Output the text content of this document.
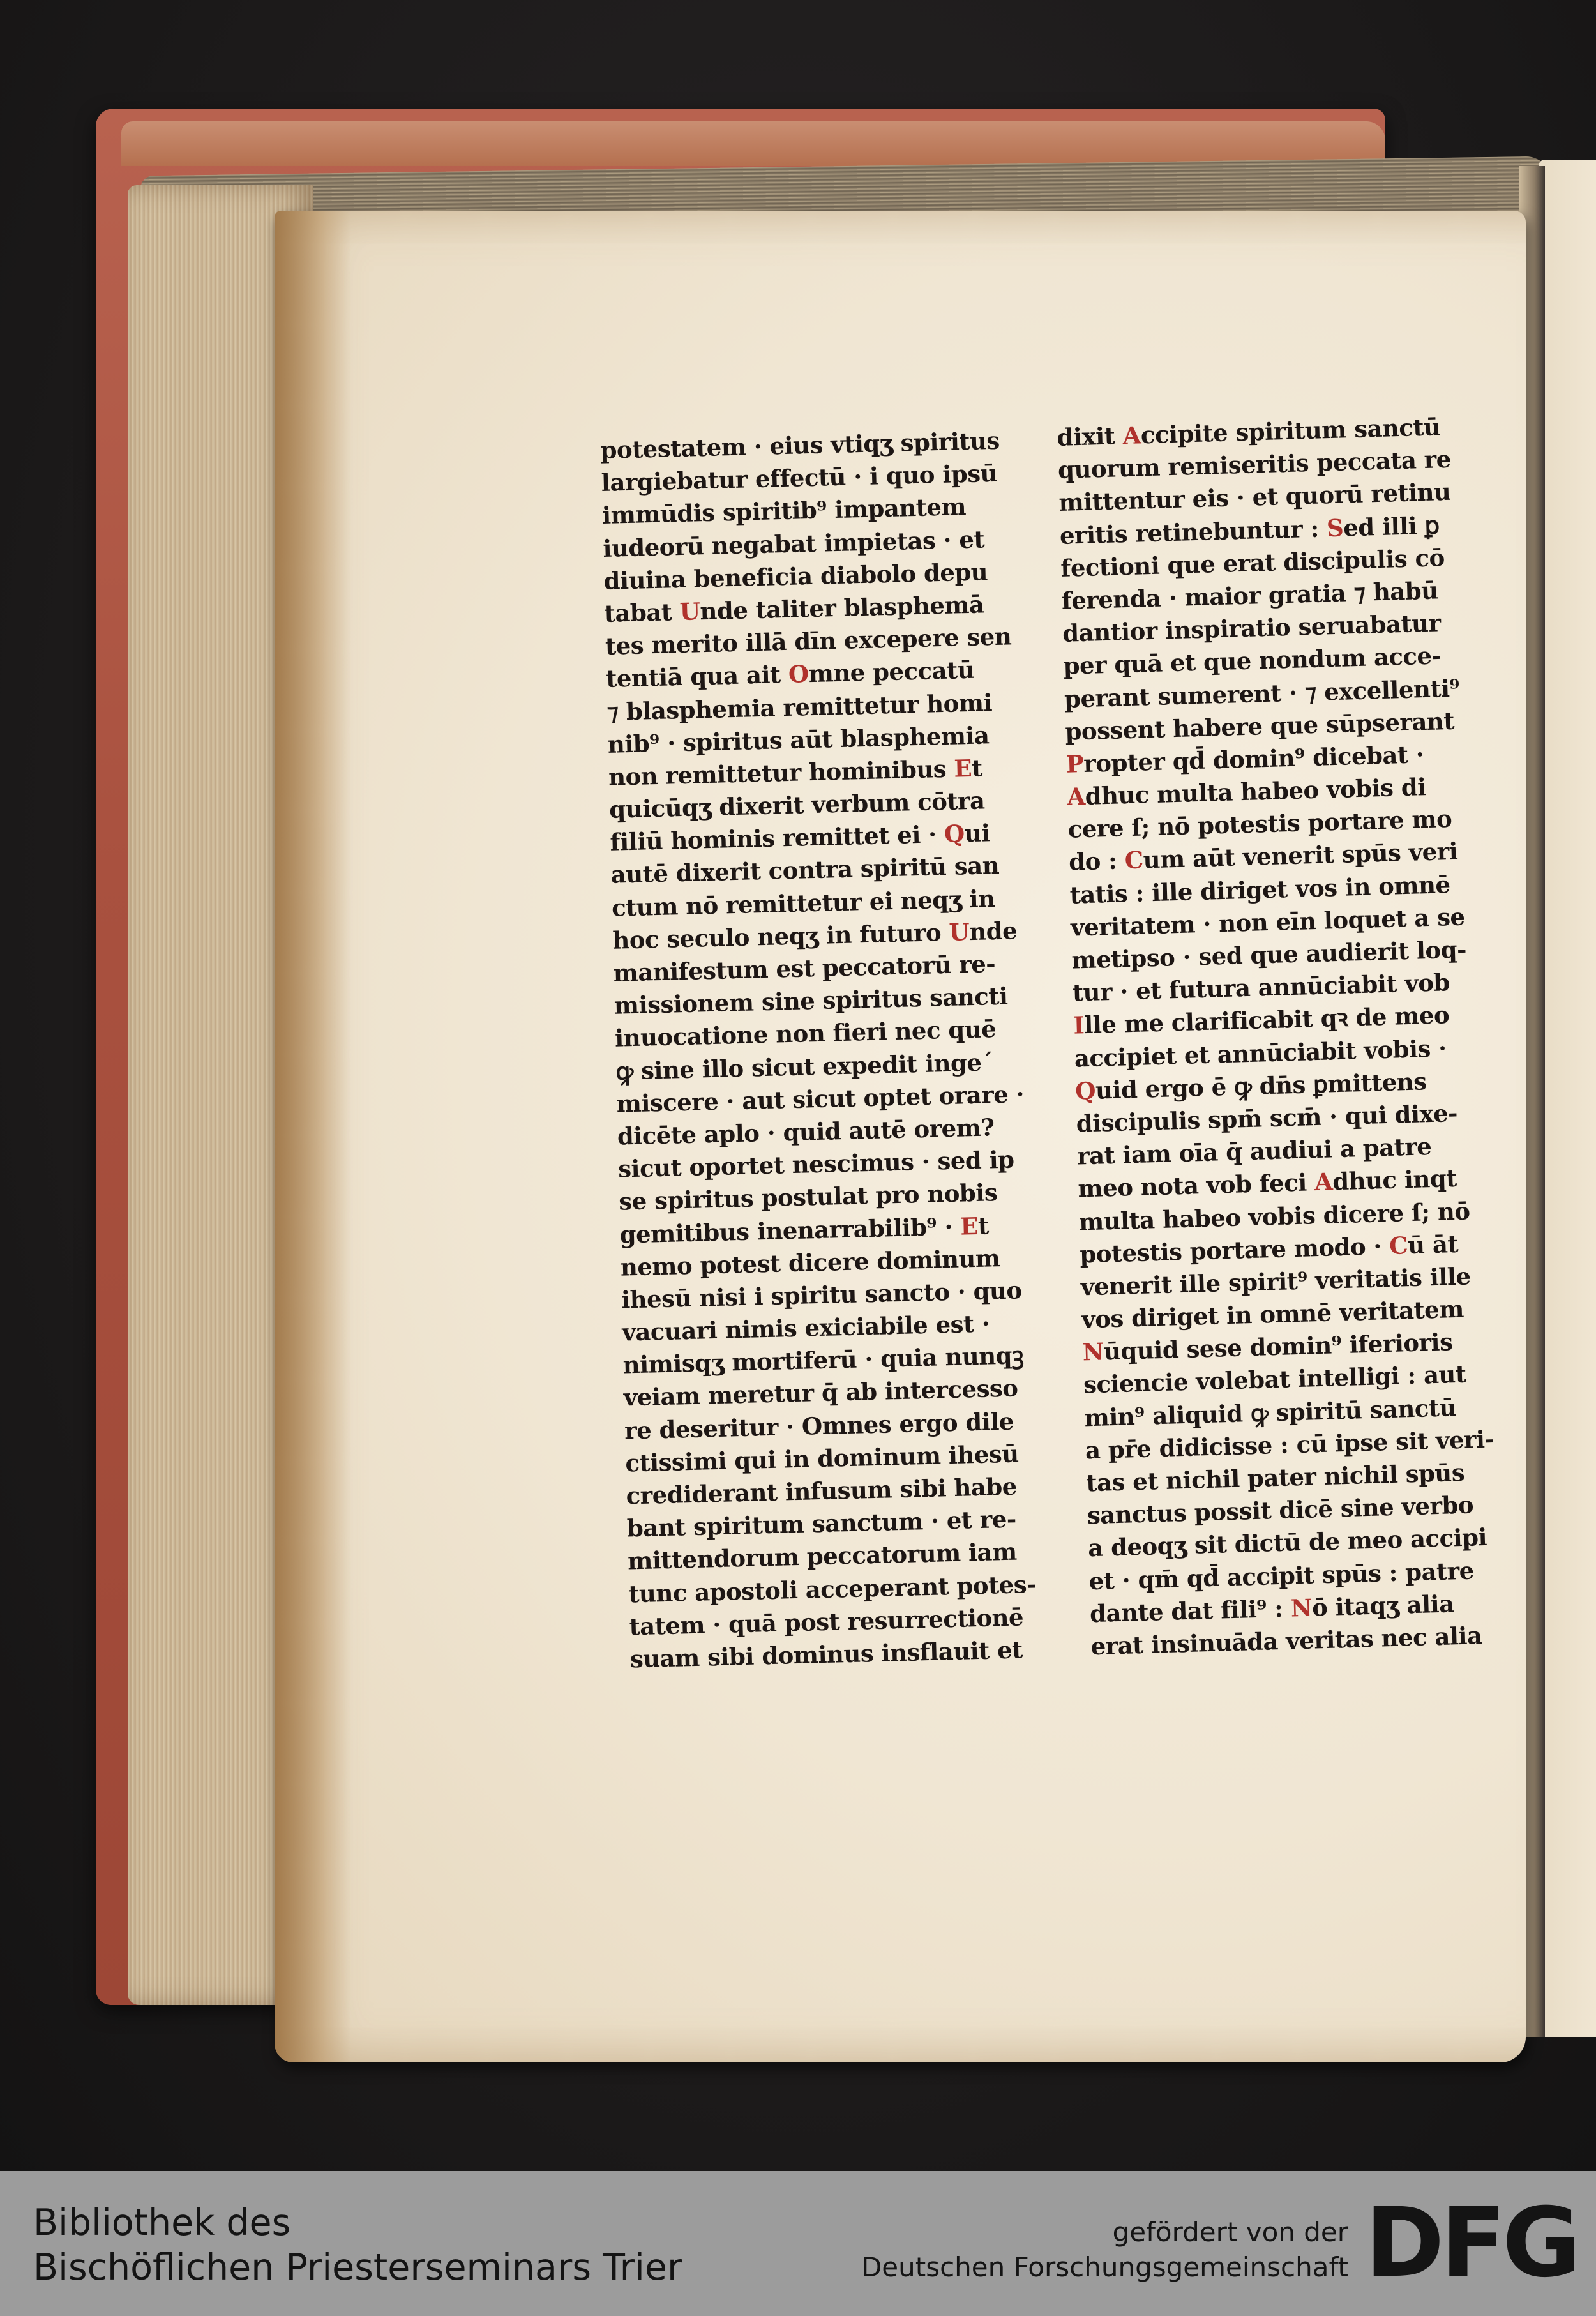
potestatem · eius vtiqʒ spiritus
largiebatur effectū · i quo ipsū
immūdis spiritib⁹ impantem
iudeorū negabat impietas · et
diuina beneficia diabolo depu
tabat Unde taliter blasphemā
tes merito illā dīn excepere sen
tentiā qua ait Omne peccatū
⁊ blasphemia remittetur homi
nib⁹ · spiritus aūt blasphemia
non remittetur hominibus Et
quicūqʒ dixerit verbum cōtra
filiū hominis remittet ei · Qui
autē dixerit contra spiritū san
ctum nō remittetur ei neqʒ in
hoc seculo neqʒ in futuro Unde
manifestum est peccatorū re-
missionem sine spiritus sancti
inuocatione non fieri nec quē
ꝙ sine illo sicut expedit inge´
miscere · aut sicut optet orare ·
dicēte aplo · quid autē orem?
sicut oportet nescimus · sed ip
se spiritus postulat pro nobis
gemitibus inenarrabilib⁹ · Et
nemo potest dicere dominum
ihesū nisi i spiritu sancto · quo
vacuari nimis exiciabile est ·
nimisqʒ mortiferū · quia nunqꝫ
veiam meretur q̄ ab intercesso
re deseritur · Omnes ergo dile
ctissimi qui in dominum ihesū
crediderant infusum sibi habe
bant spiritum sanctum · et re-
mittendorum peccatorum iam
tunc apostoli acceperant potes-
tatem · quā post resurrectionē
suam sibi dominus insflauit et
dixit Accipite spiritum sanctū
quorum remiseritis peccata re
mittentur eis · et quorū retinu
eritis retinebuntur : Sed illi ꝑ
fectioni que erat discipulis cō
ferenda · maior gratia ⁊ habū
dantior inspiratio seruabatur
per quā et que nondum acce-
perant sumerent · ⁊ excellenti⁹
possent habere que sūpserant
Propter qd̄ domin⁹ dicebat ·
Adhuc multa habeo vobis di
cere ſ; nō potestis portare mo
do : Cum aūt venerit spūs veri
tatis : ille diriget vos in omnē
veritatem · non eīn loquet a se
metipso · sed que audierit loq-
tur · et futura annūciabit vob
Ille me clarificabit qꝛ de meo
accipiet et annūciabit vobis ·
Quid ergo ē ꝙ dn̄s ꝑmittens
discipulis spm̄ scm̄ · qui dixe-
rat iam oīa q̄ audiui a patre
meo nota vob feci Adhuc inqt
multa habeo vobis dicere ſ; nō
potestis portare modo · Cū āt
venerit ille spirit⁹ veritatis ille
vos diriget in omnē veritatem
Nūquid sese domin⁹ iferioris
sciencie volebat intelligi : aut
min⁹ aliquid ꝙ spiritū sanctū
a pr̄e didicisse : cū ipse sit veri-
tas et nichil pater nichil spūs
sanctus possit dicē sine verbo
a deoqʒ sit dictū de meo accipi
et · qm̄ qd̄ accipit spūs : patre
dante dat fili⁹ : Nō itaqʒ alia
erat insinuāda veritas nec alia
Bibliothek des
Bischöflichen Priesterseminars Trier
gefördert von der
Deutschen Forschungsgemeinschaft DFG
